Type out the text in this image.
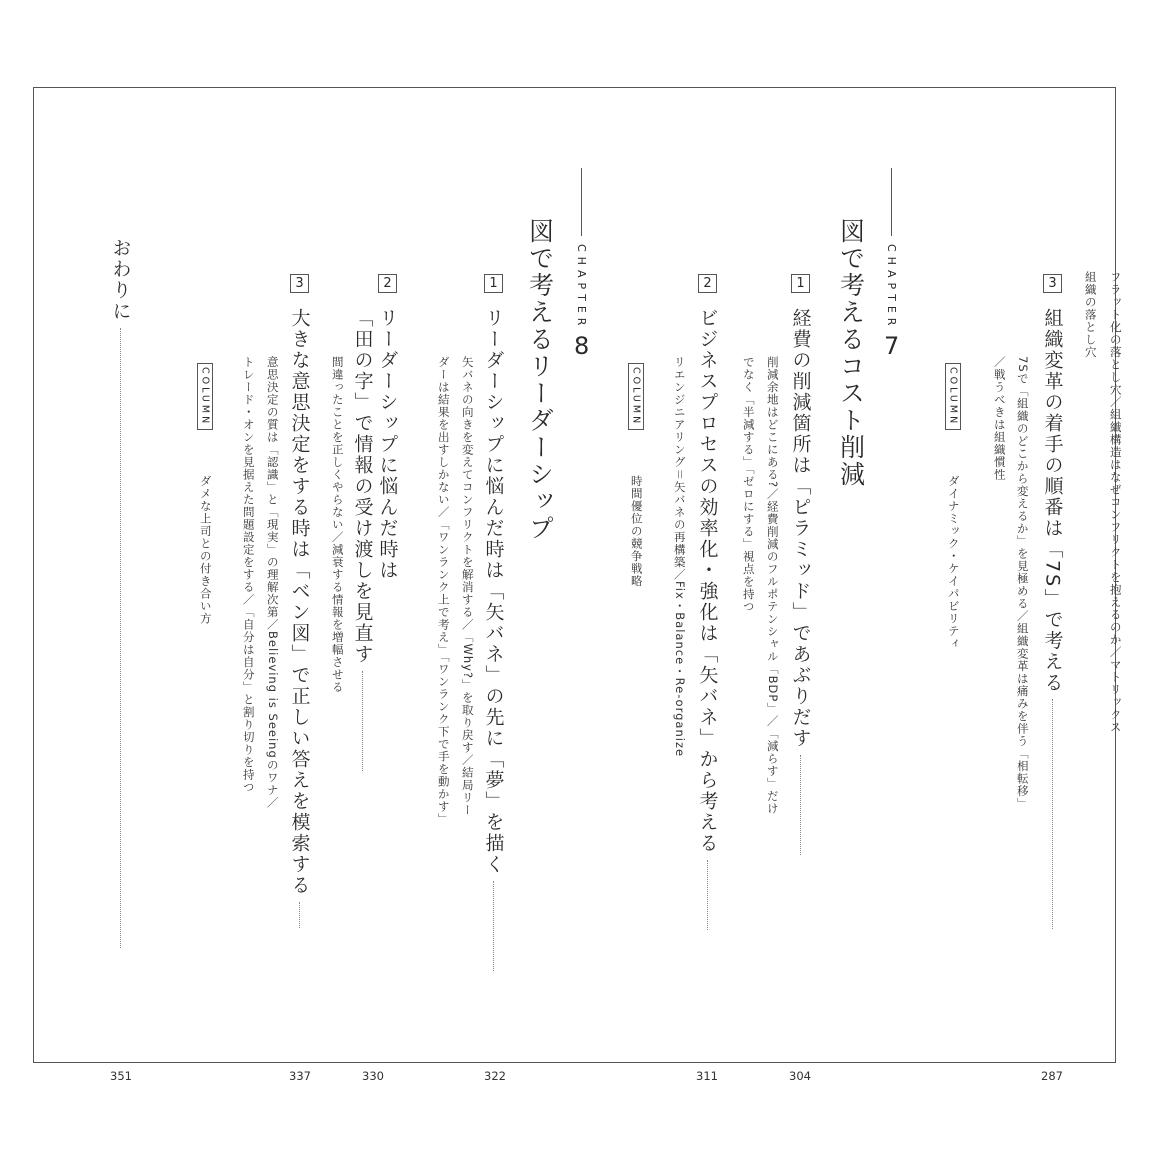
フラット化の落とし穴／組織構造はなぜコンフリクトを抱えるのか／マトリックス
組織の落とし穴
3
組織変革の着手の順番は「7S」で考える
287
7Sで「組織のどこから変えるか」を見極める／組織変革は痛みを伴う「相転移」
／戦うべきは組織慣性
COLUMN
ダイナミック・ケイパビリティ
CHAPTER
7
図で考えるコスト削減
1
経費の削減箇所は「ピラミッド」であぶりだす
304
削減余地はどこにある?／経費削減のフルポテンシャル「BDP」／「減らす」だけ
でなく「半減する」「ゼロにする」視点を持つ
2
ビジネスプロセスの効率化・強化は「矢バネ」から考える
311
リエンジニアリング＝矢バネの再構築／Fix・Balance・Re-organize
COLUMN
時間優位の競争戦略
CHAPTER
8
図で考えるリーダーシップ
1
リーダーシップに悩んだ時は「矢バネ」の先に「夢」を描く
322
矢バネの向きを変えてコンフリクトを解消する／「Why?」を取り戻す／結局リー
ダーは結果を出すしかない／「ワンランク上で考え」「ワンランク下で手を動かす」
2
リーダーシップに悩んだ時は
「田の字」で情報の受け渡しを見直す
330
間違ったことを正しくやらない／減衰する情報を増幅させる
3
大きな意思決定をする時は「ベン図」で正しい答えを模索する
337
意思決定の質は「認識」と「現実」の理解次第／Believing is Seeingのワナ／
トレード・オンを見据えた問題設定をする／「自分は自分」と割り切りを持つ
COLUMN
ダメな上司との付き合い方
おわりに
351
